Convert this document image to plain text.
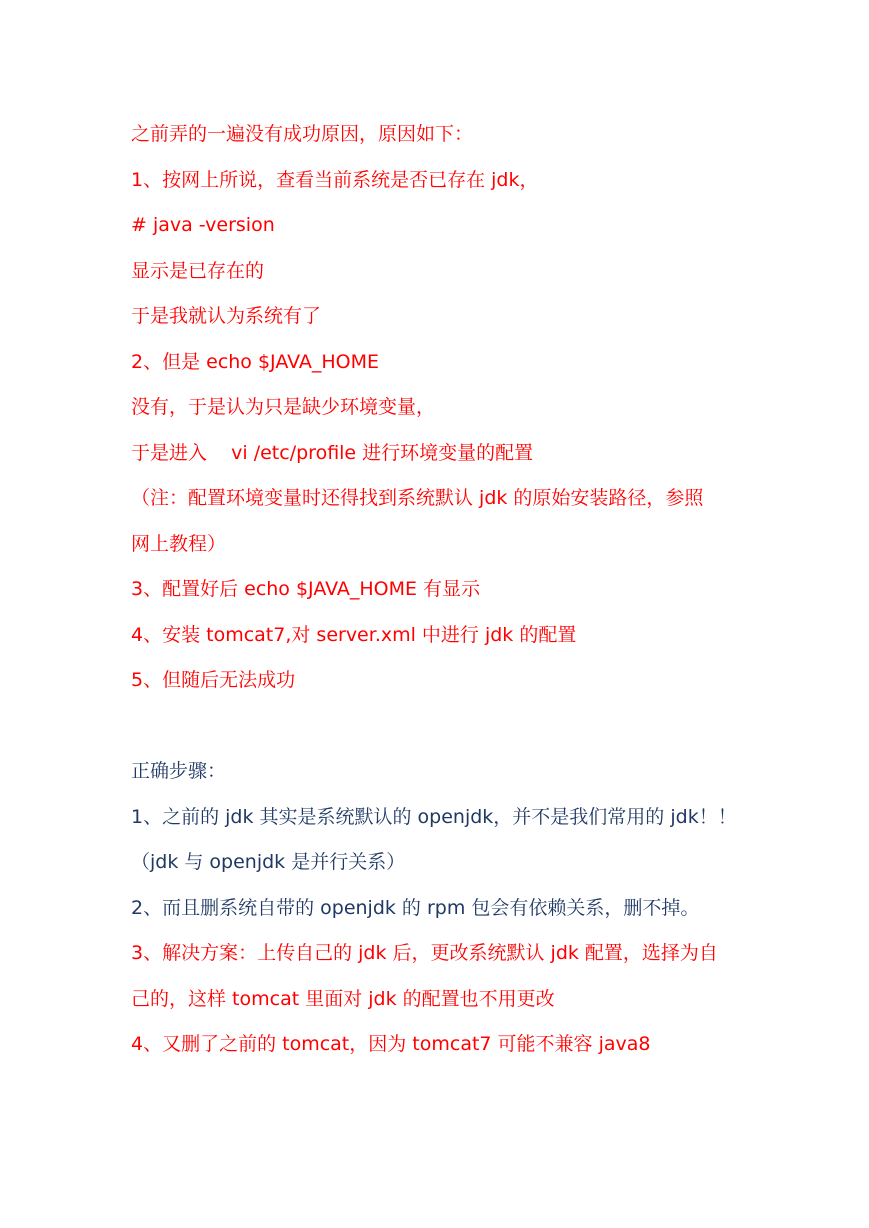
之前弄的一遍没有成功原因，原因如下：
1、按网上所说，查看当前系统是否已存在 jdk，
# java -version
显示是已存在的
于是我就认为系统有了
2、但是 echo $JAVA_HOME
没有，于是认为只是缺少环境变量，
于是进入    vi /etc/profile 进行环境变量的配置
（注：配置环境变量时还得找到系统默认 jdk 的原始安装路径，参照
网上教程）
3、配置好后 echo $JAVA_HOME 有显示
4、安装 tomcat7,对 server.xml 中进行 jdk 的配置
5、但随后无法成功
正确步骤：
1、之前的 jdk 其实是系统默认的 openjdk，并不是我们常用的 jdk！！
（jdk 与 openjdk 是并行关系）
2、而且删系统自带的 openjdk 的 rpm 包会有依赖关系，删不掉。
3、解决方案：上传自己的 jdk 后，更改系统默认 jdk 配置，选择为自
己的，这样 tomcat 里面对 jdk 的配置也不用更改
4、又删了之前的 tomcat，因为 tomcat7 可能不兼容 java8
